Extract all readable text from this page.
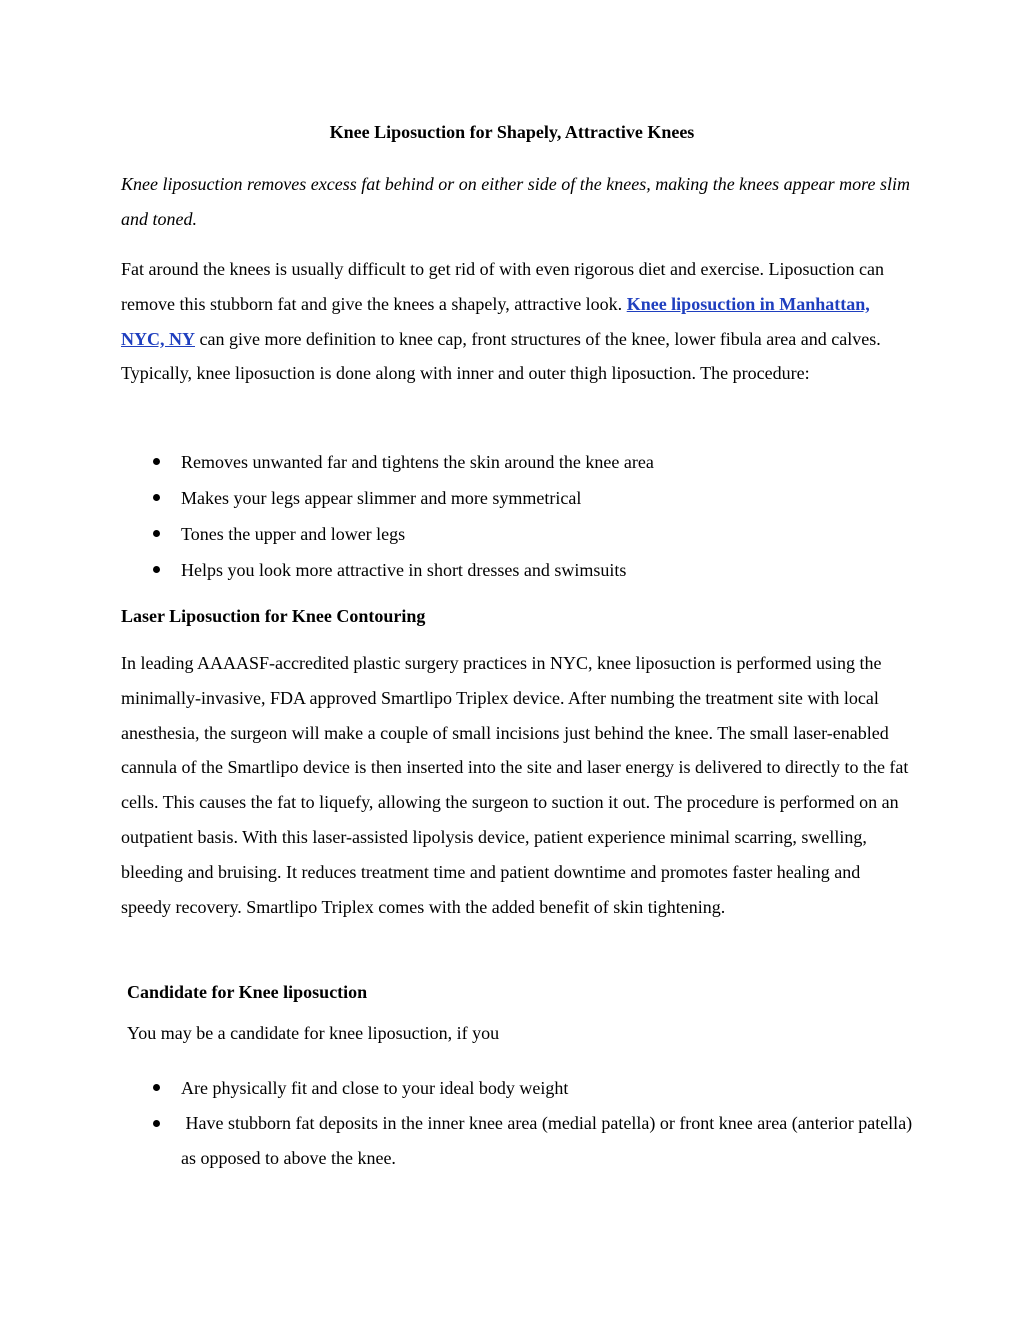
Knee Liposuction for Shapely, Attractive Knees

Knee liposuction removes excess fat behind or on either side of the knees, making the knees appear more slim and toned.

Fat around the knees is usually difficult to get rid of with even rigorous diet and exercise. Liposuction can remove this stubborn fat and give the knees a shapely, attractive look. Knee liposuction in Manhattan, NYC, NY can give more definition to knee cap, front structures of the knee, lower fibula area and calves. Typically, knee liposuction is done along with inner and outer thigh liposuction. The procedure:

Removes unwanted far and tightens the skin around the knee area
Makes your legs appear slimmer and more symmetrical
Tones the upper and lower legs
Helps you look more attractive in short dresses and swimsuits
Laser Liposuction for Knee Contouring

In leading AAAASF-accredited plastic surgery practices in NYC, knee liposuction is performed using the minimally-invasive, FDA approved Smartlipo Triplex device. After numbing the treatment site with local anesthesia, the surgeon will make a couple of small incisions just behind the knee. The small laser-enabled cannula of the Smartlipo device is then inserted into the site and laser energy is delivered to directly to the fat cells. This causes the fat to liquefy, allowing the surgeon to suction it out. The procedure is performed on an outpatient basis. With this laser-assisted lipolysis device, patient experience minimal scarring, swelling, bleeding and bruising. It reduces treatment time and patient downtime and promotes faster healing and speedy recovery. Smartlipo Triplex comes with the added benefit of skin tightening.

Candidate for Knee liposuction

You may be a candidate for knee liposuction, if you

Are physically fit and close to your ideal body weight
Have stubborn fat deposits in the inner knee area (medial patella) or front knee area (anterior patella) as opposed to above the knee.
